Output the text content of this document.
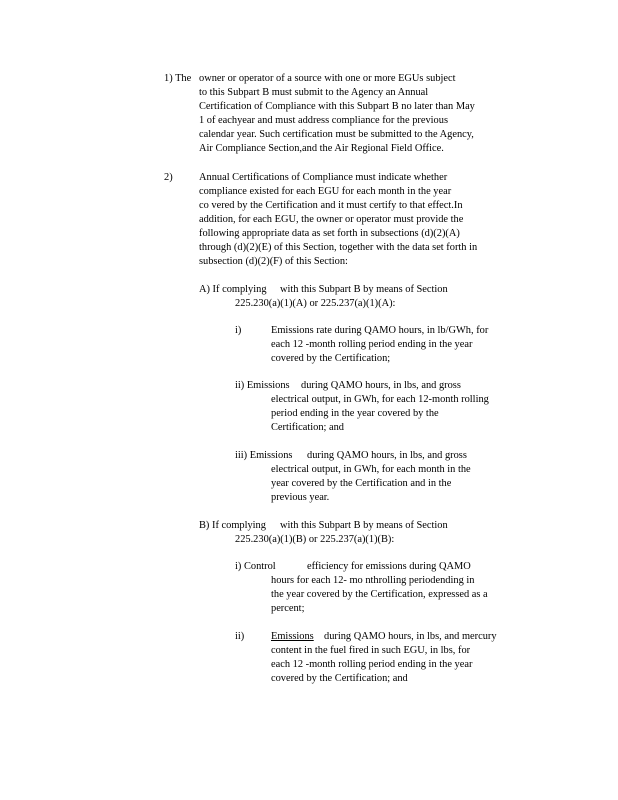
1) The owner or operator of a source with one or more EGUs subject
to this Subpart B must submit to the Agency an Annual
Certification of Compliance with this Subpart B no later than May
1 of eachyear and must address compliance for the previous
calendar year. Such certification must be submitted to the Agency,
Air Compliance Section,and the Air Regional Field Office.
2)	Annual Certifications of Compliance must indicate whether
compliance existed for each EGU for each month in the year
co vered by the Certification and it must certify to that effect.In
addition, for each EGU, the owner or operator must provide the
following appropriate data as set forth in subsections (d)(2)(A)
through (d)(2)(E) of this Section, together with the data set forth in
subsection (d)(2)(F) of this Section:
A) If complying with this Subpart B by means of Section
225.230(a)(1)(A) or 225.237(a)(1)(A):
i)	Emissions rate during QAMO hours, in lb/GWh, for
each 12 -month rolling period ending in the year
covered by the Certification;
ii) Emissions during QAMO hours, in lbs, and gross
electrical output, in GWh, for each 12-month rolling
period ending in the year covered by the
Certification; and
iii) Emissions during QAMO hours, in lbs, and gross
electrical output, in GWh, for each month in the
year covered by the Certification and in the
previous year.
B) If complying with this Subpart B by means of Section
225.230(a)(1)(B) or 225.237(a)(1)(B):
i) Control	efficiency for emissions during QAMO
hours for each 12- mo nthrolling periodending in
the year covered by the Certification, expressed as a
percent;
ii)	Emissions during QAMO hours, in lbs, and mercury
content in the fuel fired in such EGU, in lbs, for
each 12 -month rolling period ending in the year
covered by the Certification; and
